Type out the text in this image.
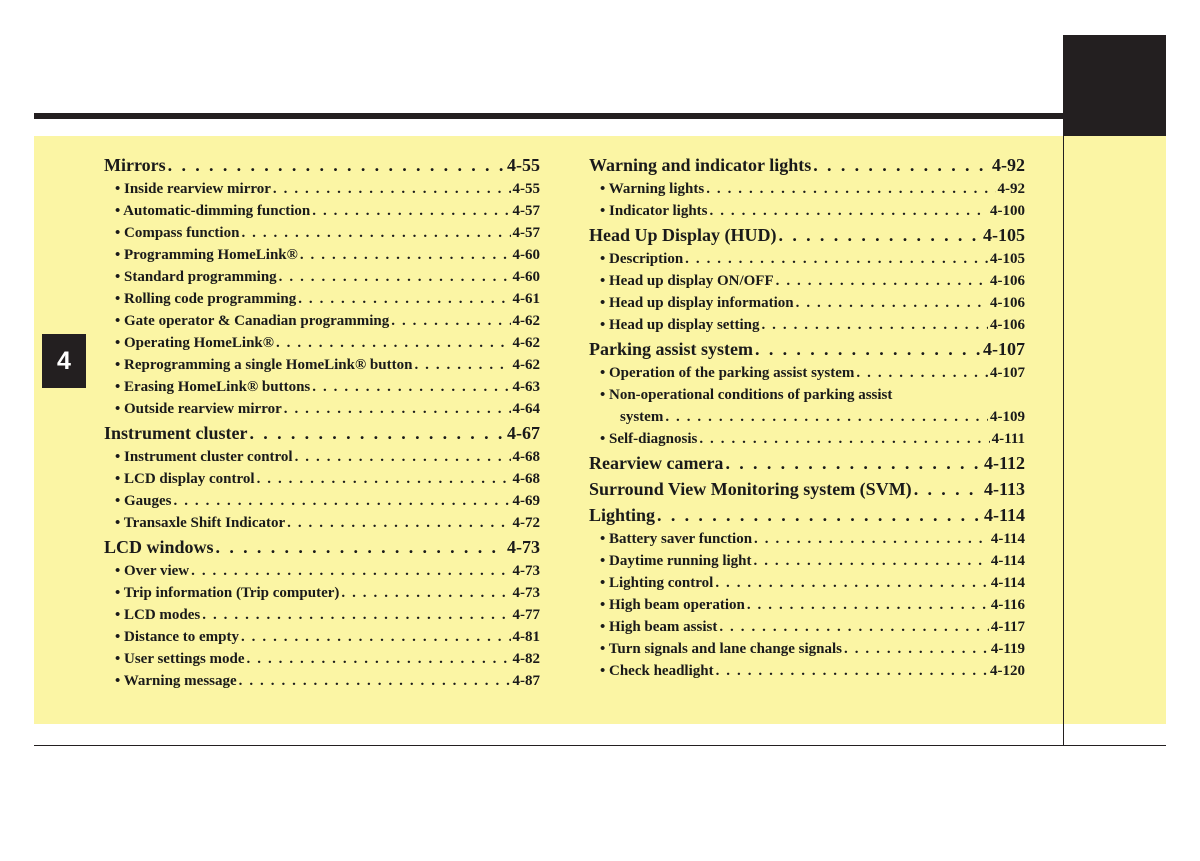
4
Mirrors . . .	4-55
• Inside rearview mirror . . .	4-55
• Automatic-dimming function . . .	4-57
• Compass function . . .	4-57
• Programming HomeLink® . . .	4-60
• Standard programming . . .	4-60
• Rolling code programming . . .	4-61
• Gate operator & Canadian programming . . .	4-62
• Operating HomeLink® . . .	4-62
• Reprogramming a single HomeLink® button . . .	4-62
• Erasing HomeLink® buttons . . .	4-63
• Outside rearview mirror . . .	4-64
Instrument cluster . . .	4-67
• Instrument cluster control . . .	4-68
• LCD display control . . .	4-68
• Gauges . . .	4-69
• Transaxle Shift Indicator . . .	4-72
LCD windows . . .	4-73
• Over view . . .	4-73
• Trip information (Trip computer) . . .	4-73
• LCD modes . . .	4-77
• Distance to empty . . .	4-81
• User settings mode . . .	4-82
• Warning message . . .	4-87
Warning and indicator lights . . .	4-92
• Warning lights . . .	4-92
• Indicator lights . . .	4-100
Head Up Display (HUD) . . .	4-105
• Description . . .	4-105
• Head up display ON/OFF . . .	4-106
• Head up display information . . .	4-106
• Head up display setting . . .	4-106
Parking assist system . . .	4-107
• Operation of the parking assist system . . .	4-107
• Non-operational conditions of parking assist
system . . .	4-109
• Self-diagnosis . . .	4-111
Rearview camera . . .	4-112
Surround View Monitoring system (SVM) . . .	4-113
Lighting . . .	4-114
• Battery saver function . . .	4-114
• Daytime running light . . .	4-114
• Lighting control . . .	4-114
• High beam operation . . .	4-116
• High beam assist . . .	4-117
• Turn signals and lane change signals . . .	4-119
• Check headlight . . .	4-120
